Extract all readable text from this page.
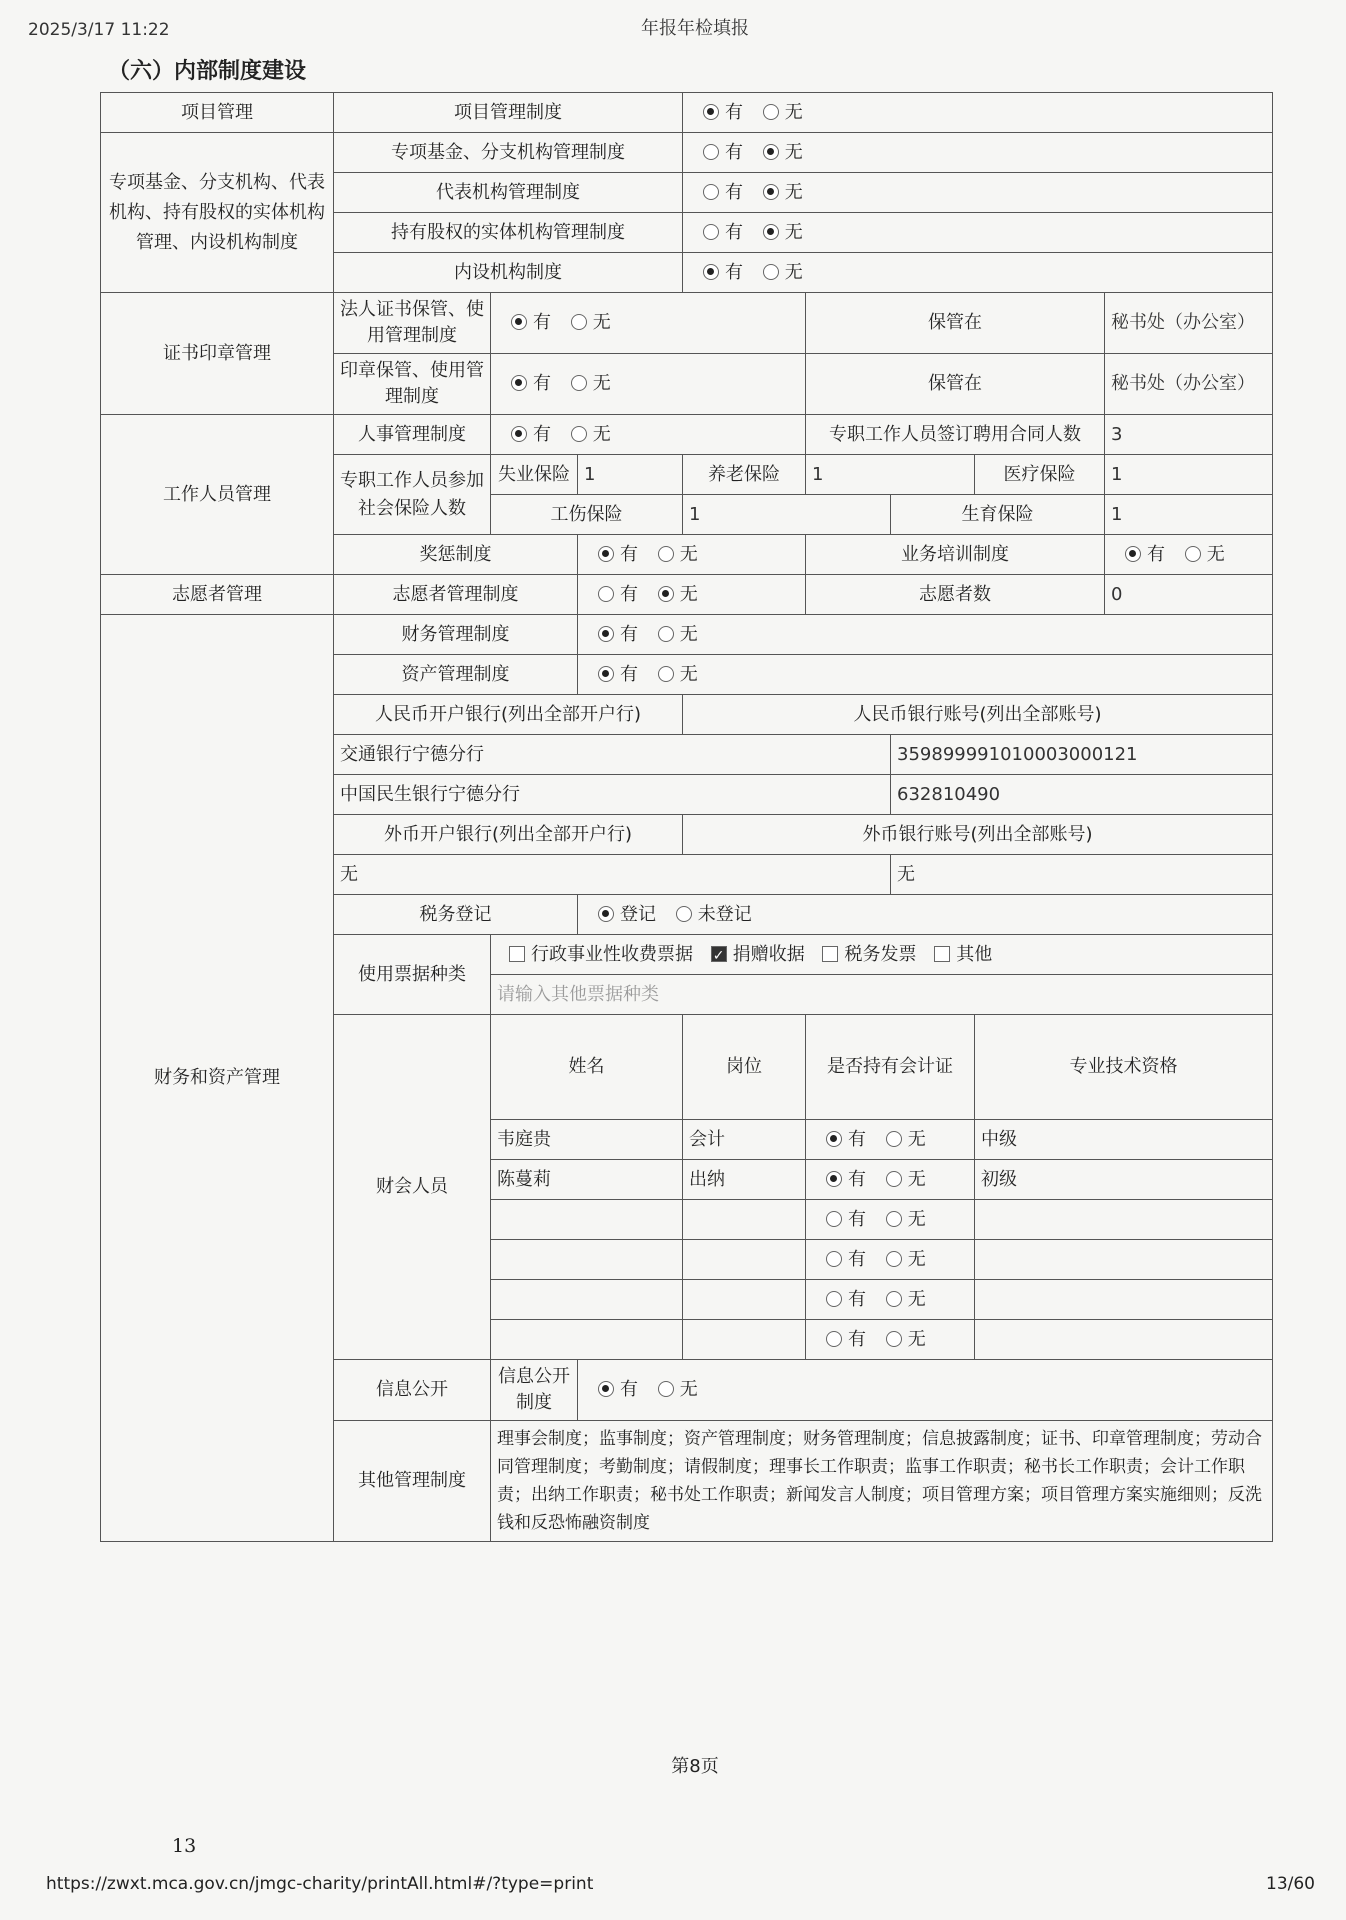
2025/3/17 11:22	年报年检填报
（六）内部制度建设
项目管理	项目管理制度			有 无					
专项基金、分支机构、代表机构、持有股权的实体机构管理、内设机构制度	专项基金、分支机构管理制度			有 无					
	代表机构管理制度			有 无					
	持有股权的实体机构管理制度			有 无					
	内设机构制度			有 无					
证书印章管理	法人证书保管、使用管理制度	有 无			保管在			秘书处（办公室）	
	印章保管、使用管理制度	有 无			保管在			秘书处（办公室）	
工作人员管理	人事管理制度	有 无			专职工作人员签订聘用合同人数			3	
	专职工作人员参加社会保险人数	失业保险	1	养老保险	1		医疗保险	1	
		工伤保险		1		生育保险		1	
	奖惩制度		有 无		业务培训制度			有 无	
志愿者管理	志愿者管理制度		有 无		志愿者数			0	
财务和资产管理	财务管理制度		有 无						
	资产管理制度		有 无						
	人民币开户银行(列出全部开户行)			人民币银行账号(列出全部账号)					
	交通银行宁德分行					359899991010003000121			
	中国民生银行宁德分行					632810490			
	外币开户银行(列出全部开户行)			外币银行账号(列出全部账号)					
	无					无			
	税务登记		登记 未登记						
	使用票据种类	行政事业性收费票据 ✓ 捐赠收据 税务发票 其他
		请输入其他票据种类							
	财会人员	姓名		岗位	是否持有会计证		专业技术资格	
		韦庭贵		会计	有 无		中级	
		陈蔓莉		出纳	有 无		初级	
					有 无				
					有 无				
					有 无				
					有 无				
	信息公开	信息公开制度	有 无						
	其他管理制度	理事会制度；监事制度；资产管理制度；财务管理制度；信息披露制度；证书、印章管理制度；劳动合同管理制度；考勤制度；请假制度；理事长工作职责；监事工作职责；秘书长工作职责；会计工作职责；出纳工作职责；秘书处工作职责；新闻发言人制度；项目管理方案；项目管理方案实施细则；反洗钱和反恐怖融资制度							
第8页
13
https://zwxt.mca.gov.cn/jmgc-charity/printAll.html#/?type=print	13/60
